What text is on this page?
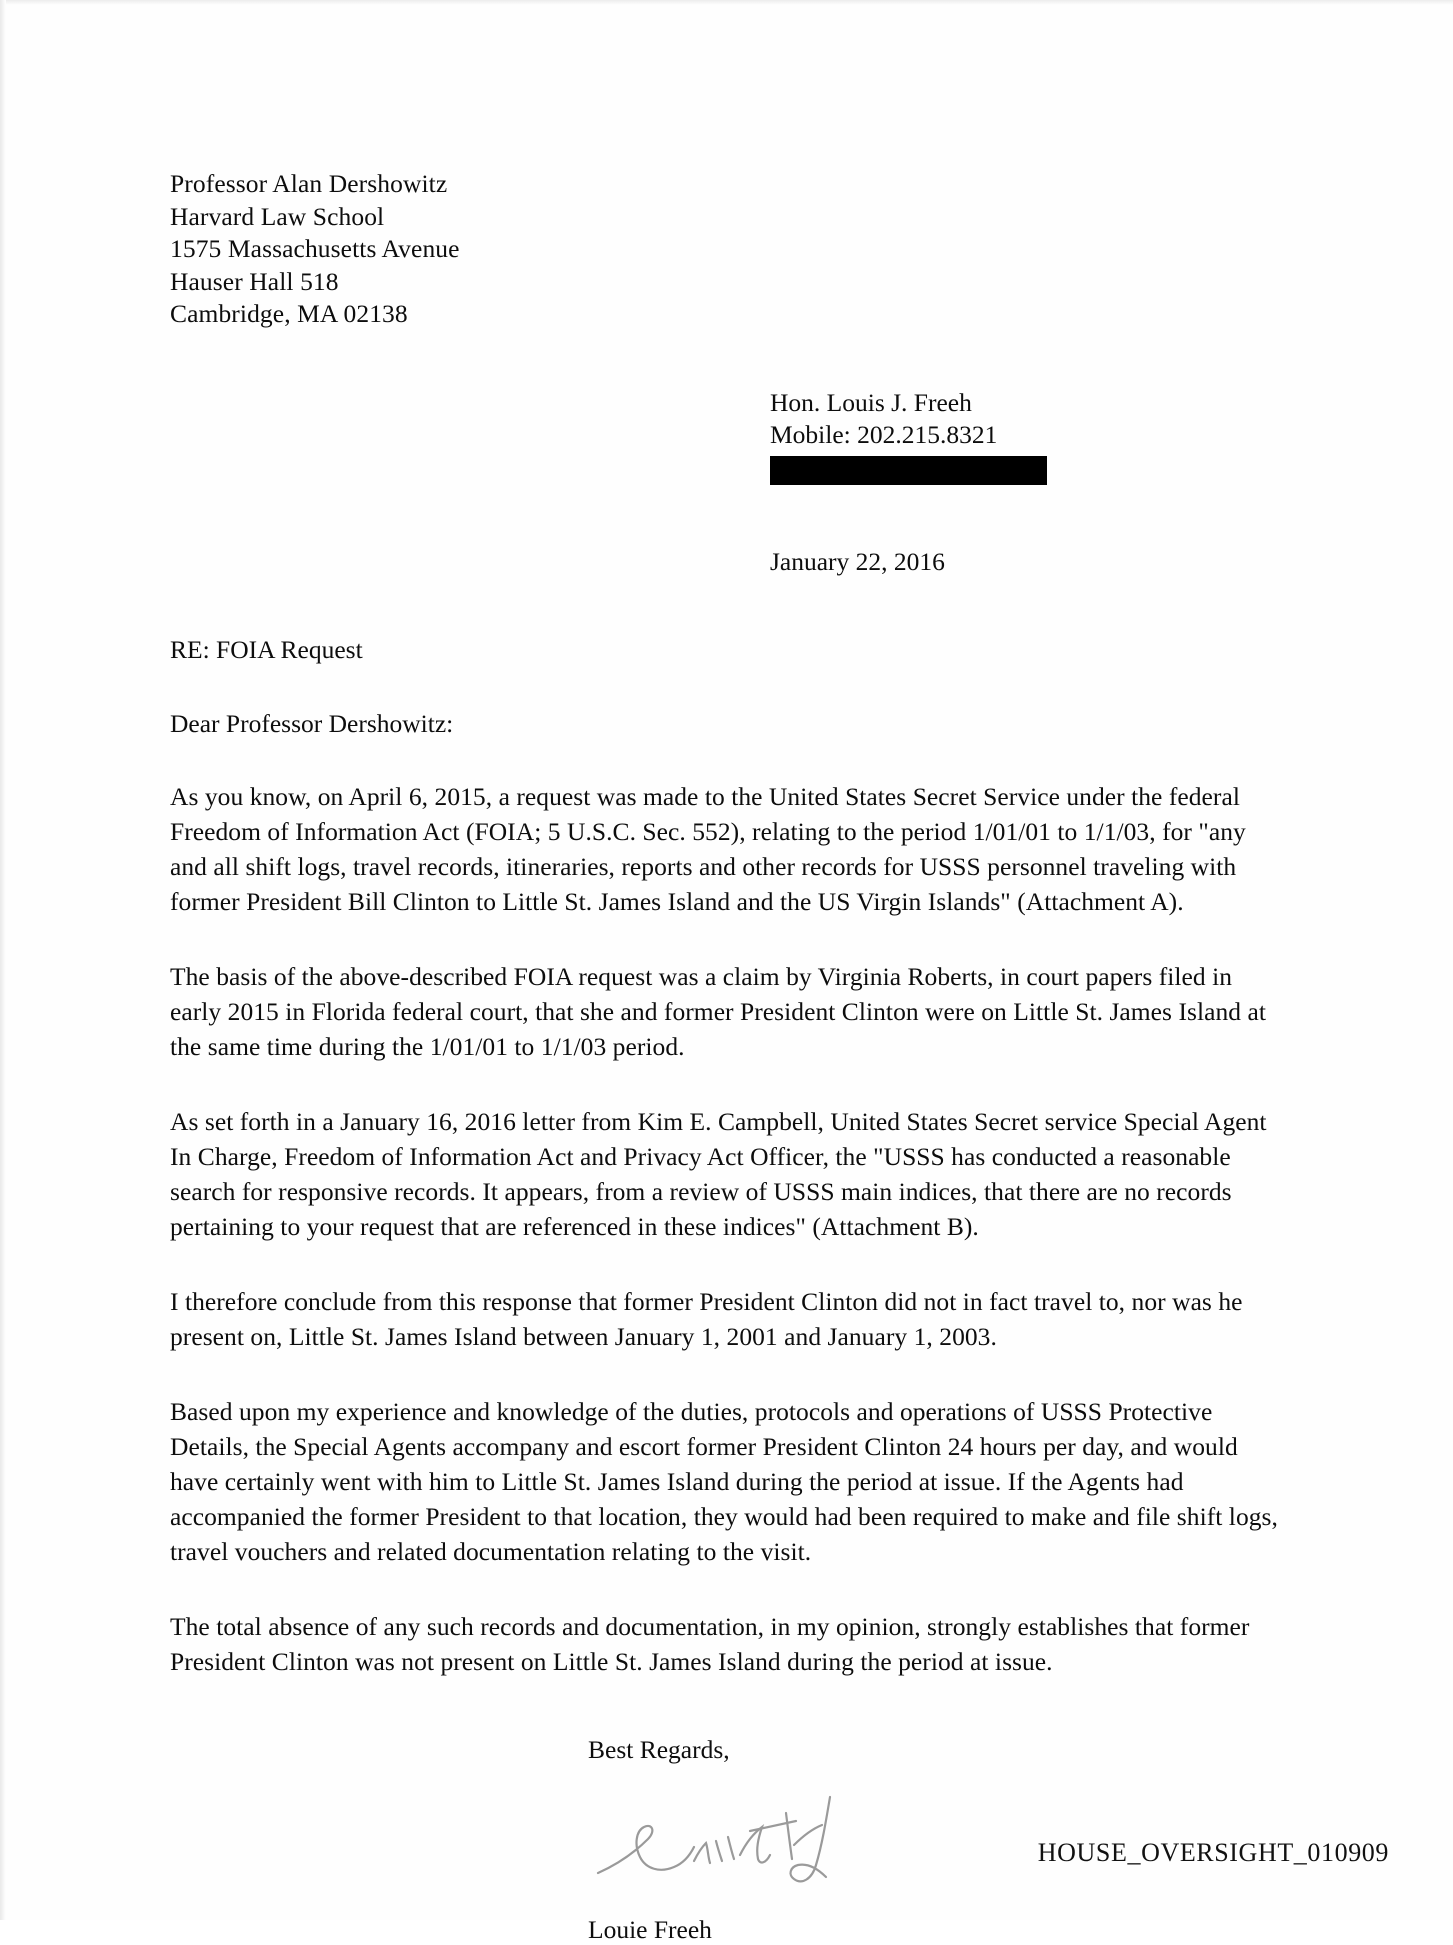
Professor Alan Dershowitz
Harvard Law School
1575 Massachusetts Avenue
Hauser Hall 518
Cambridge, MA 02138
Hon. Louis J. Freeh
Mobile: 202.215.8321
January 22, 2016
RE: FOIA Request
Dear Professor Dershowitz:
As you know, on April 6, 2015, a request was made to the United States Secret Service under the federal Freedom of Information Act (FOIA; 5 U.S.C. Sec. 552), relating to the period 1/01/01 to 1/1/03, for "any and all shift logs, travel records, itineraries, reports and other records for USSS personnel traveling with former President Bill Clinton to Little St. James Island and the US Virgin Islands" (Attachment A).
The basis of the above-described FOIA request was a claim by Virginia Roberts, in court papers filed in early 2015 in Florida federal court, that she and former President Clinton were on Little St. James Island at the same time during the 1/01/01 to 1/1/03 period.
As set forth in a January 16, 2016 letter from Kim E. Campbell, United States Secret service Special Agent In Charge, Freedom of Information Act and Privacy Act Officer, the "USSS has conducted a reasonable search for responsive records. It appears, from a review of USSS main indices, that there are no records pertaining to your request that are referenced in these indices" (Attachment B).
I therefore conclude from this response that former President Clinton did not in fact travel to, nor was he present on, Little St. James Island between January 1, 2001 and January 1, 2003.
Based upon my experience and knowledge of the duties, protocols and operations of USSS Protective Details, the Special Agents accompany and escort former President Clinton 24 hours per day, and would have certainly went with him to Little St. James Island during the period at issue. If the Agents had accompanied the former President to that location, they would had been required to make and file shift logs, travel vouchers and related documentation relating to the visit.
The total absence of any such records and documentation, in my opinion, strongly establishes that former President Clinton was not present on Little St. James Island during the period at issue.
Best Regards,
Louie Freeh
HOUSE_OVERSIGHT_010909
